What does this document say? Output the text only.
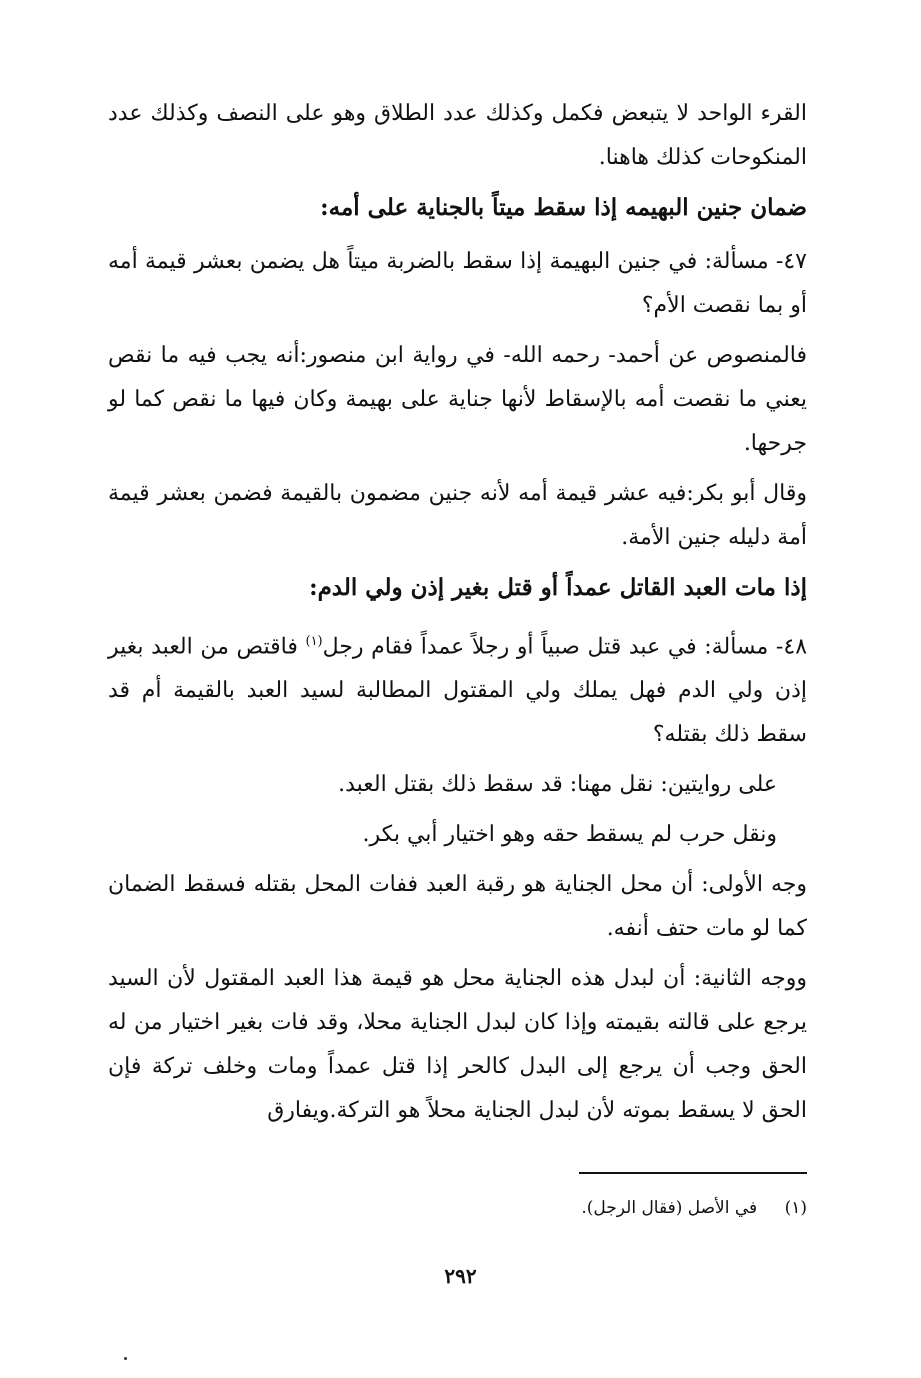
القرء الواحد لا يتبعض فكمل وكذلك عدد الطلاق وهو على النصف وكذلك عدد المنكوحات كذلك هاهنا.

ضمان جنين البهيمه إذا سقط ميتاً بالجناية على أمه:

٤٧- مسألة: في جنين البهيمة إذا سقط بالضربة ميتاً هل يضمن بعشر قيمة أمه أو بما نقصت الأم؟

فالمنصوص عن أحمد- رحمه الله- في رواية ابن منصور:أنه يجب فيه ما نقص يعني ما نقصت أمه بالإسقاط لأنها جناية على بهيمة وكان فيها ما نقص كما لو جرحها.

وقال أبو بكر:فيه عشر قيمة أمه لأنه جنين مضمون بالقيمة فضمن بعشر قيمة أمة دليله جنين الأمة.

إذا مات العبد القاتل عمداً أو قتل بغير إذن ولي الدم:

٤٨- مسألة: في عبد قتل صبياً أو رجلاً عمداً فقام رجل$^{(١)}$ فاقتص من العبد بغير إذن ولي الدم فهل يملك ولي المقتول المطالبة لسيد العبد بالقيمة أم قد سقط ذلك بقتله؟

على روايتين: نقل مهنا: قد سقط ذلك بقتل العبد.

ونقل حرب لم يسقط حقه وهو اختيار أبي بكر.

وجه الأولى: أن محل الجناية هو رقبة العبد ففات المحل بقتله فسقط الضمان كما لو مات حتف أنفه.

ووجه الثانية: أن لبدل هذه الجناية محل هو قيمة هذا العبد المقتول لأن السيد يرجع على قالته بقيمته وإذا كان لبدل الجناية محلا، وقد فات بغير اختيار من له الحق وجب أن يرجع إلى البدل كالحر إذا قتل عمداً ومات وخلف تركة فإن الحق لا يسقط بموته لأن لبدل الجناية محلاً هو التركة.ويفارق

(١) في الأصل (فقال الرجل).
٢٩٢
